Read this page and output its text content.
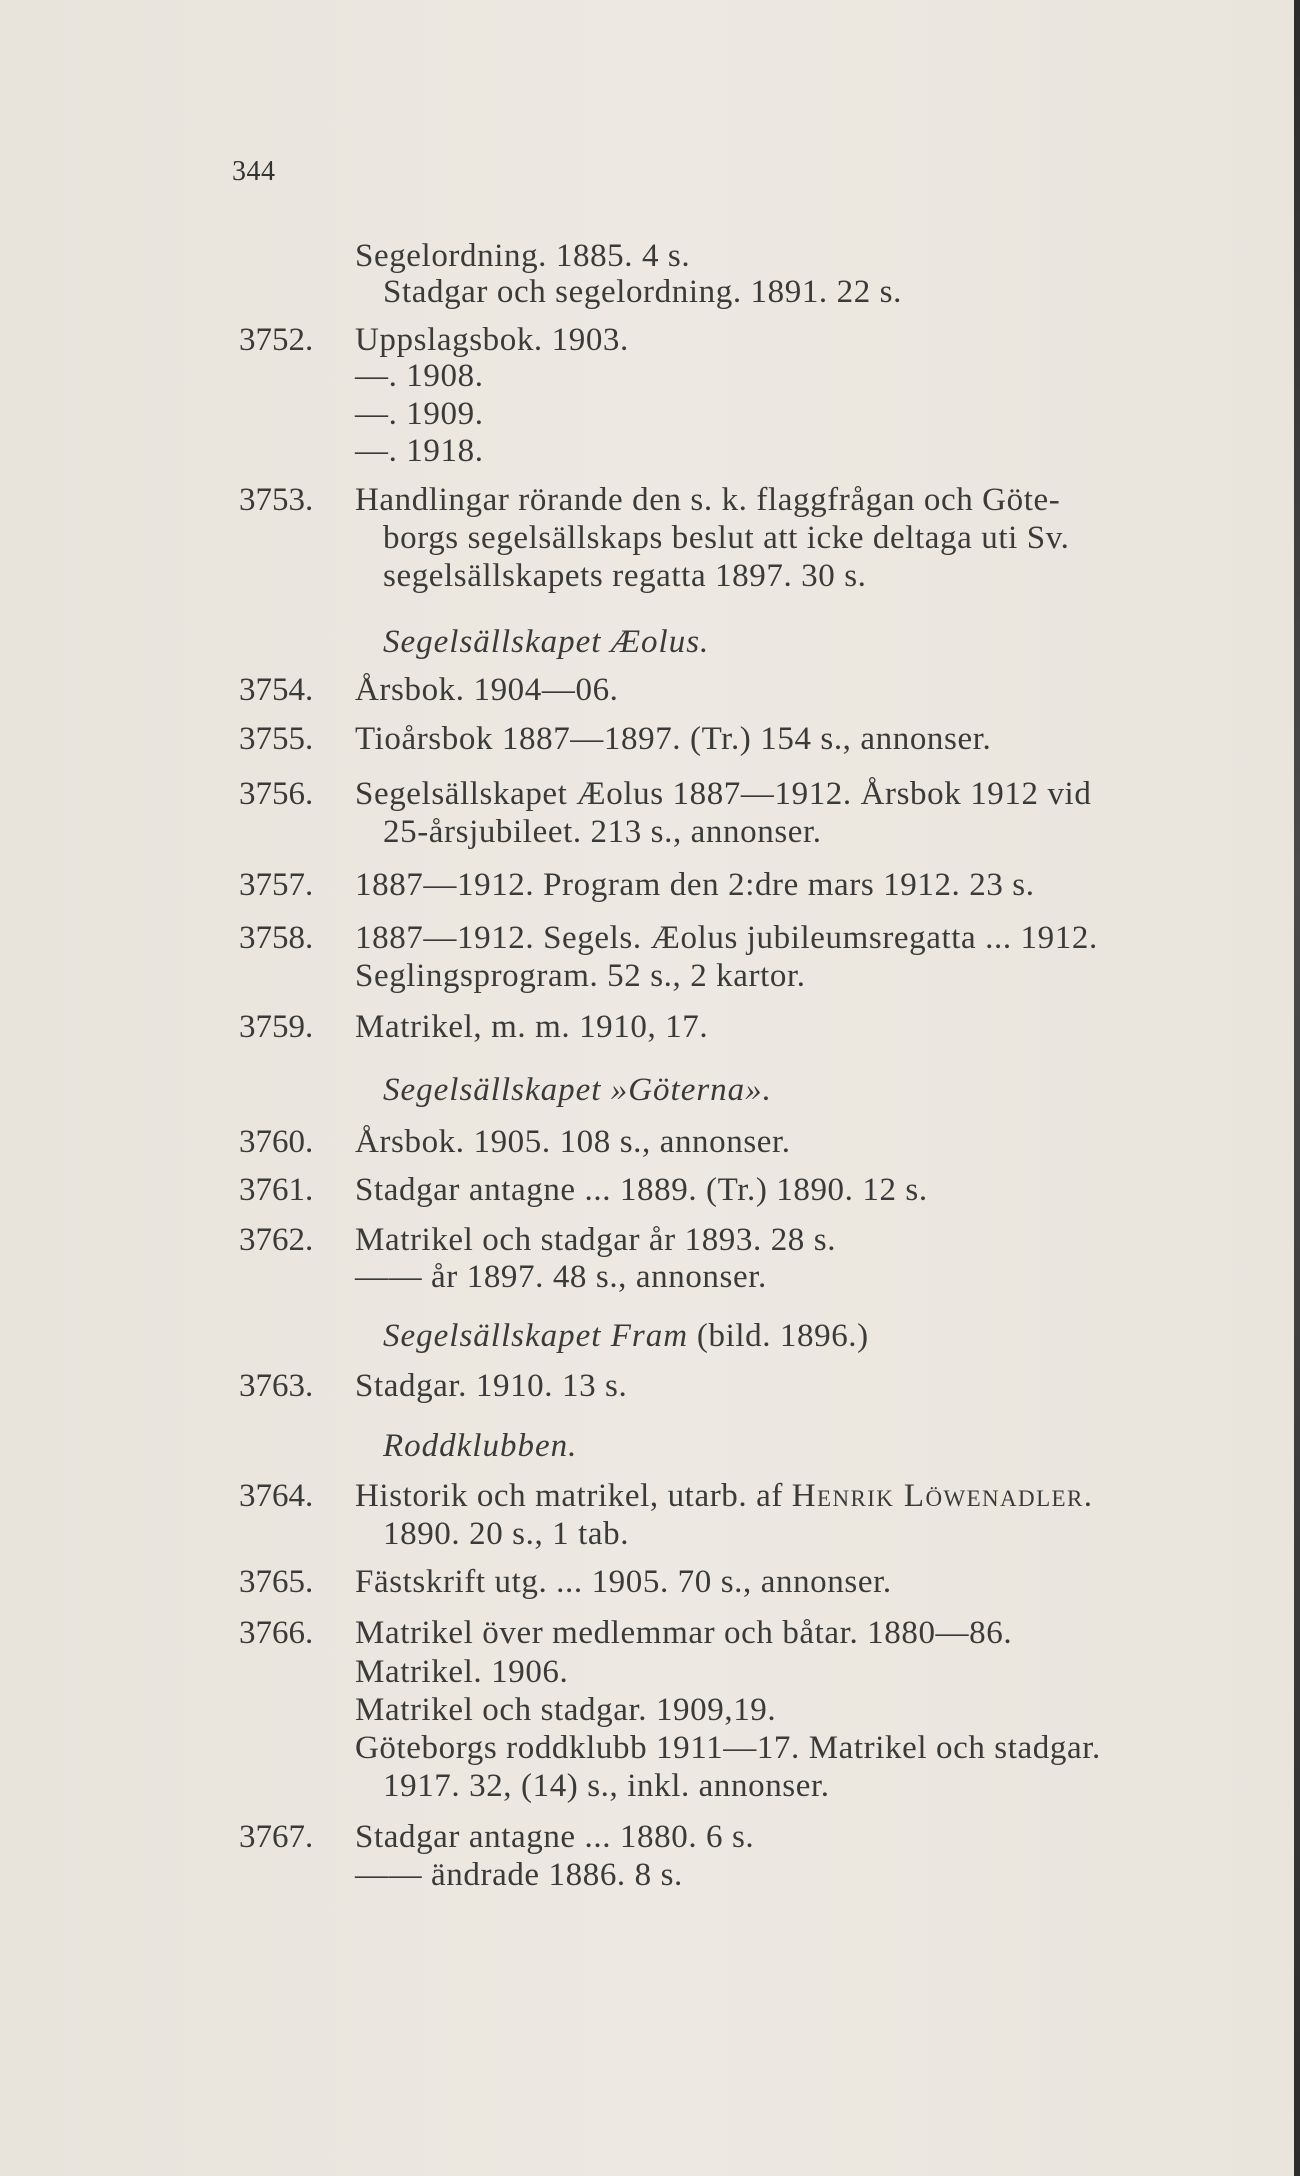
344
Segelordning. 1885. 4 s.
Stadgar och segelordning. 1891. 22 s.
3752. Uppslagsbok. 1903.
—. 1908.
—. 1909.
—. 1918.
3753. Handlingar rörande den s. k. flaggfrågan och Göte-
borgs segelsällskaps beslut att icke deltaga uti Sv.
segelsällskapets regatta 1897. 30 s.
Segelsällskapet Æolus.
3754. Årsbok. 1904—06.
3755. Tioårsbok 1887—1897. (Tr.) 154 s., annonser.
3756. Segelsällskapet Æolus 1887—1912. Årsbok 1912 vid
25-årsjubileet. 213 s., annonser.
3757. 1887—1912. Program den 2:dre mars 1912. 23 s.
3758. 1887—1912. Segels. Æolus jubileumsregatta ... 1912.
Seglingsprogram. 52 s., 2 kartor.
3759. Matrikel, m. m. 1910, 17.
Segelsällskapet »Göterna».
3760. Årsbok. 1905. 108 s., annonser.
3761. Stadgar antagne ... 1889. (Tr.) 1890. 12 s.
3762. Matrikel och stadgar år 1893. 28 s.
—— år 1897. 48 s., annonser.
Segelsällskapet Fram (bild. 1896.)
3763. Stadgar. 1910. 13 s.
Roddklubben.
3764. Historik och matrikel, utarb. af Henrik Löwenadler.
1890. 20 s., 1 tab.
3765. Fästskrift utg. ... 1905. 70 s., annonser.
3766. Matrikel över medlemmar och båtar. 1880—86.
Matrikel. 1906.
Matrikel och stadgar. 1909,19.
Göteborgs roddklubb 1911—17. Matrikel och stadgar.
1917. 32, (14) s., inkl. annonser.
3767. Stadgar antagne ... 1880. 6 s.
—— ändrade 1886. 8 s.
